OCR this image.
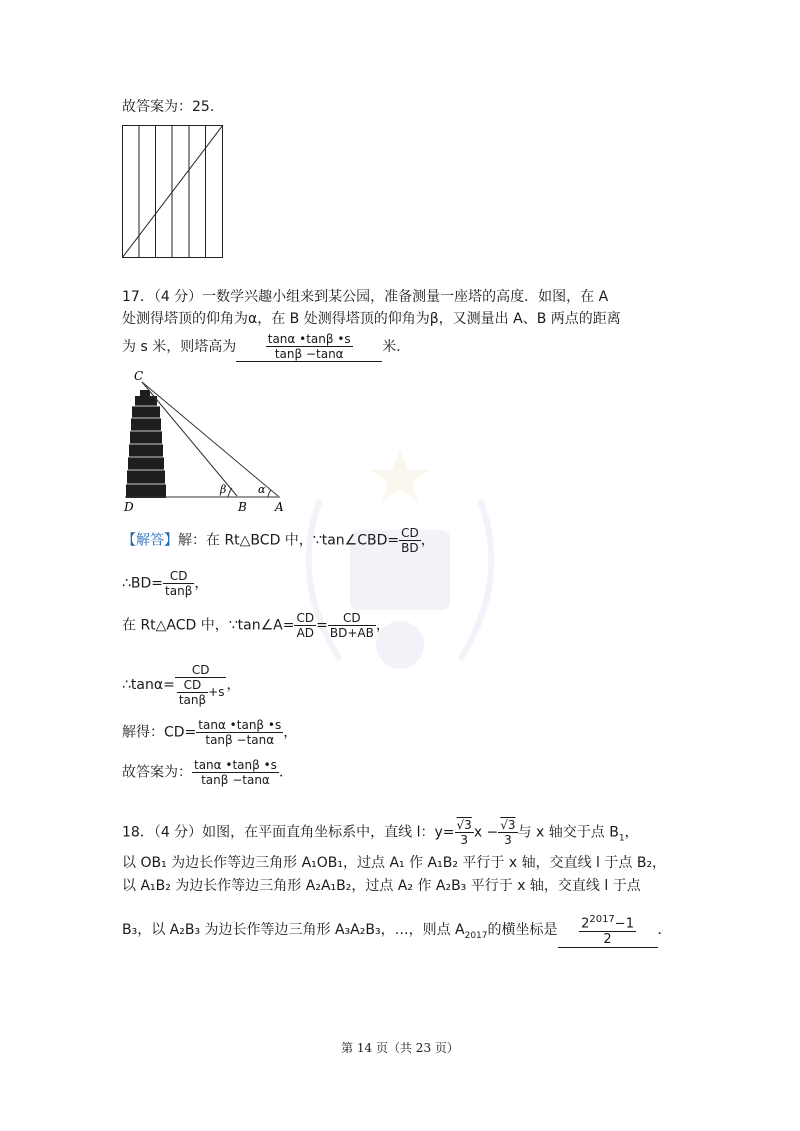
故答案为：25．
17．（4 分）一数学兴趣小组来到某公园，准备测量一座塔的高度．如图，在 A
处测得塔顶的仰角为α，在 B 处测得塔顶的仰角为β，又测量出 A、B 两点的距离
为 s 米，则塔高为 $\frac{\tan\alpha •\tan\beta •s}{\tan\beta -\tan\alpha}$ 米．
C
D	B A
β	α
【解答】解：在 Rt△BCD 中，∵tan∠CBD= $\frac{CD}{BD}$ ，
∴BD= $\frac{CD}{\tan\beta}$ ，
在 Rt△ACD 中，∵tan∠A= $\frac{CD}{AD} = \frac{CD}{BD+AB}$ ，
∴tanα= $\frac{CD}{\frac{CD}{\tan\beta} +s}$ ，
解得：$CD= \frac{\tan\alpha •\tan\beta •s}{\tan\beta -\tan\alpha}$ ，
故答案为： $\frac{\tan\alpha •\tan\beta •s}{\tan\beta -\tan\alpha}$ ．
18．（4 分）如图，在平面直角坐标系中，直线 l：$y= \frac{√3}{3}$ $x - \frac{√3}{3}$ 与 x 轴交于点 $B_1$，
以 OB₁ 为边长作等边三角形 A₁OB₁，过点 A₁ 作 A₁B₂ 平行于 x 轴，交直线 l 于点 B₂，
以 A₁B₂ 为边长作等边三角形 A₂A₁B₂，过点 A₂ 作 A₂B₃ 平行于 x 轴，交直线 l 于点
B₃，以 A₂B₃ 为边长作等边三角形 A₃A₂B₃，…，则点 $A_{2017}$的横坐标是 $\frac{2^{2017}-1}{2}$ ．
第 14 页（共 23 页）
